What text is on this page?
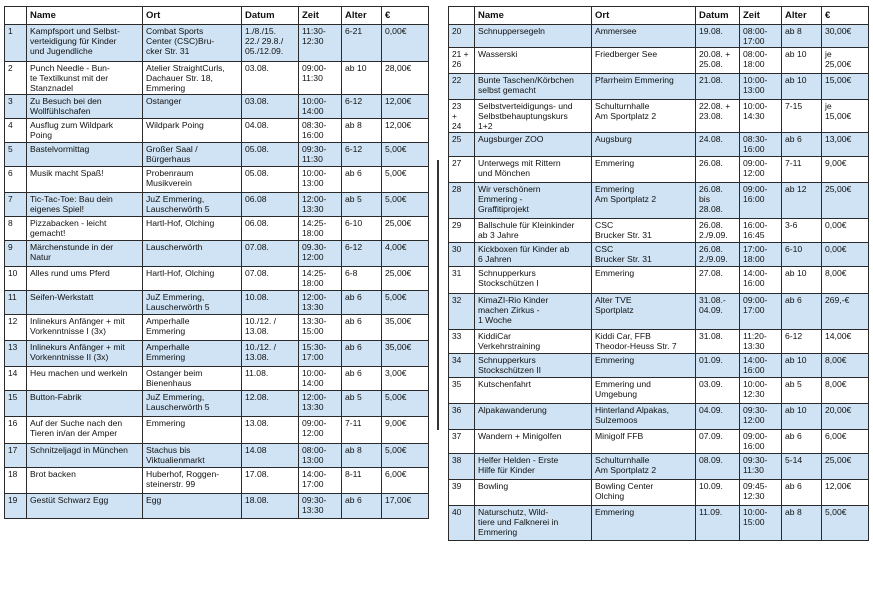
	Name	Ort	Datum	Zeit	Alter	€
1	Kampfsport und Selbst-
verteidigung für Kinder
und Jugendliche	Combat Sports
Center (CSC)Bru-
cker Str. 31	1./8./15.
22./ 29.8./
05./12.09.	11:30-
12:30	6-21	0,00€
2	Punch Needle - Bun-
te Textilkunst mit der
Stanznadel	Atelier StraightCurls,
Dachauer Str. 18,
Emmering	03.08.	09:00-
11:30	ab 10	28,00€
3	Zu Besuch bei den
Wollfühlschafen	Ostanger	03.08.	10:00-
14:00	6-12	12,00€
4	Ausflug zum Wildpark
Poing	Wildpark Poing	04.08.	08:30-
16:00	ab 8	12,00€
5	Bastelvormittag	Großer Saal /
Bürgerhaus	05.08.	09:30-
11:30	6-12	5,00€
6	Musik macht Spaß!	Probenraum
Musikverein	05.08.	10:00-
13:00	ab 6	5,00€
7	Tic-Tac-Toe: Bau dein
eigenes Spiel!	JuZ Emmering,
Lauscherwörth 5	06.08	12:00-
13:30	ab 5	5,00€
8	Pizzabacken - leicht
gemacht!	Hartl-Hof, Olching	06.08.	14:25-
18:00	6-10	25,00€
9	Märchenstunde in der
Natur	Lauscherwörth	07.08.	09.30-
12:00	6-12	4,00€
10	Alles rund ums Pferd	Hartl-Hof, Olching	07.08.	14:25-
18:00	6-8	25,00€
11	Seifen-Werkstatt	JuZ Emmering,
Lauscherwörth 5	10.08.	12:00-
13:30	ab 6	5,00€
12	Inlinekurs Anfänger + mit
Vorkenntnisse I (3x)	Amperhalle
Emmering	10./12. /
13.08.	13:30-
15:00	ab 6	35,00€
13	Inlinekurs Anfänger + mit
Vorkenntnisse II (3x)	Amperhalle
Emmering	10./12. /
13.08.	15:30-
17:00	ab 6	35,00€
14	Heu machen und werkeln	Ostanger beim
Bienenhaus	11.08.	10:00-
14:00	ab 6	3,00€
15	Button-Fabrik	JuZ Emmering,
Lauscherwörth 5	12.08.	12:00-
13:30	ab 5	5,00€
16	Auf der Suche nach den
Tieren in/an der Amper	Emmering	13.08.	09:00-
12:00	7-11	9,00€
17	Schnitzeljagd in München	Stachus bis
Viktualienmarkt	14.08	08:00-
13:00	ab 8	5,00€
18	Brot backen	Huberhof, Roggen-
steinerstr. 99	17.08.	14:00-
17:00	8-11	6,00€
19	Gestüt Schwarz Egg	Egg	18.08.	09:30-
13:30	ab 6	17,00€
	Name	Ort	Datum	Zeit	Alter	€
20	Schnuppersegeln	Ammersee	19.08.	08:00-
17:00	ab 8	30,00€
21 +
26	Wasserski	Friedberger See	20.08. +
25.08.	08:00-
18:00	ab 10	je
25,00€
22	Bunte Taschen/Körbchen
selbst gemacht	Pfarrheim Emmering	21.08.	10:00-
13:00	ab 10	15,00€
23
+
24	Selbstverteidigungs- und
Selbstbehauptungskurs
1+2	Schulturnhalle
Am Sportplatz 2	22.08. +
23.08.	10:00-
14:30	7-15	je
15,00€
25	Augsburger ZOO	Augsburg	24.08.	08:30-
16:00	ab 6	13,00€
27	Unterwegs mit Rittern
und Mönchen	Emmering	26.08.	09:00-
12:00	7-11	9,00€
28	Wir verschönern
Emmering -
Graffitiprojekt	Emmering
Am Sportplatz 2	26.08.
bis
28.08.	09:00-
16:00	ab 12	25,00€
29	Ballschule für Kleinkinder
ab 3 Jahre	CSC
Brucker Str. 31	26.08.
2./9.09.	16:00-
16:45	3-6	0,00€
30	Kickboxen für Kinder ab
6 Jahren	CSC
Brucker Str. 31	26.08.
2./9.09.	17:00-
18:00	6-10	0,00€
31	Schnupperkurs
Stockschützen I	Emmering	27.08.	14:00-
16:00	ab 10	8,00€
32	KimaZI-Rio Kinder
machen Zirkus -
1 Woche	Alter TVE
Sportplatz	31.08.-
04.09.	09:00-
17:00	ab 6	269,-€
33	KiddiCar
Verkehrstraining	Kiddi Car, FFB
Theodor-Heuss Str. 7	31.08.	11:20-
13:30	6-12	14,00€
34	Schnupperkurs
Stockschützen II	Emmering	01.09.	14:00-
16:00	ab 10	8,00€
35	Kutschenfahrt	Emmering und
Umgebung	03.09.	10:00-
12:30	ab 5	8,00€
36	Alpakawanderung	Hinterland Alpakas,
Sulzemoos	04.09.	09:30-
12:00	ab 10	20,00€
37	Wandern + Minigolfen	Minigolf FFB	07.09.	09:00-
16:00	ab 6	6,00€
38	Helfer Helden - Erste
Hilfe für Kinder	Schulturnhalle
Am Sportplatz 2	08.09.	09:30-
11:30	5-14	25,00€
39	Bowling	Bowling Center
Olching	10.09.	09:45-
12:30	ab 6	12,00€
40	Naturschutz, Wild-
tiere und Falknerei in
Emmering	Emmering	11.09.	10:00-
15:00	ab 8	5,00€
